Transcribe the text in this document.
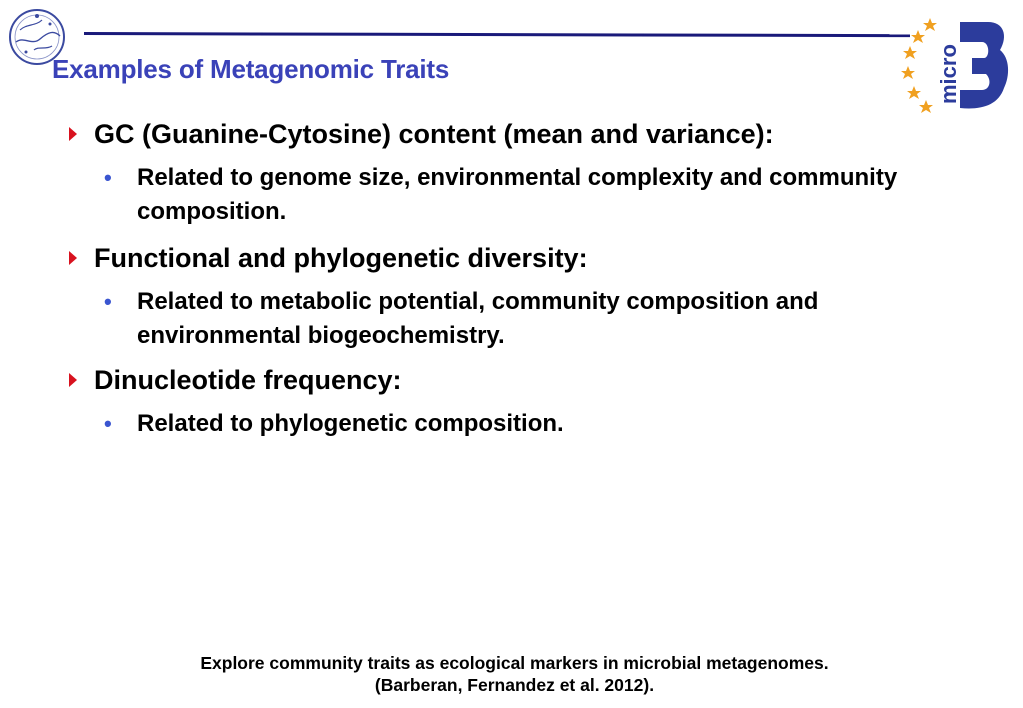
Examples of Metagenomic Traits	micro
GC (Guanine-Cytosine) content (mean and variance):
•	Related to genome size, environmental complexity and community composition.
Functional and phylogenetic diversity:
•	Related to metabolic potential, community composition and environmental biogeochemistry.
Dinucleotide frequency:
•	Related to phylogenetic composition.
Explore community traits as ecological markers in microbial metagenomes.
(Barberan, Fernandez et al. 2012).
